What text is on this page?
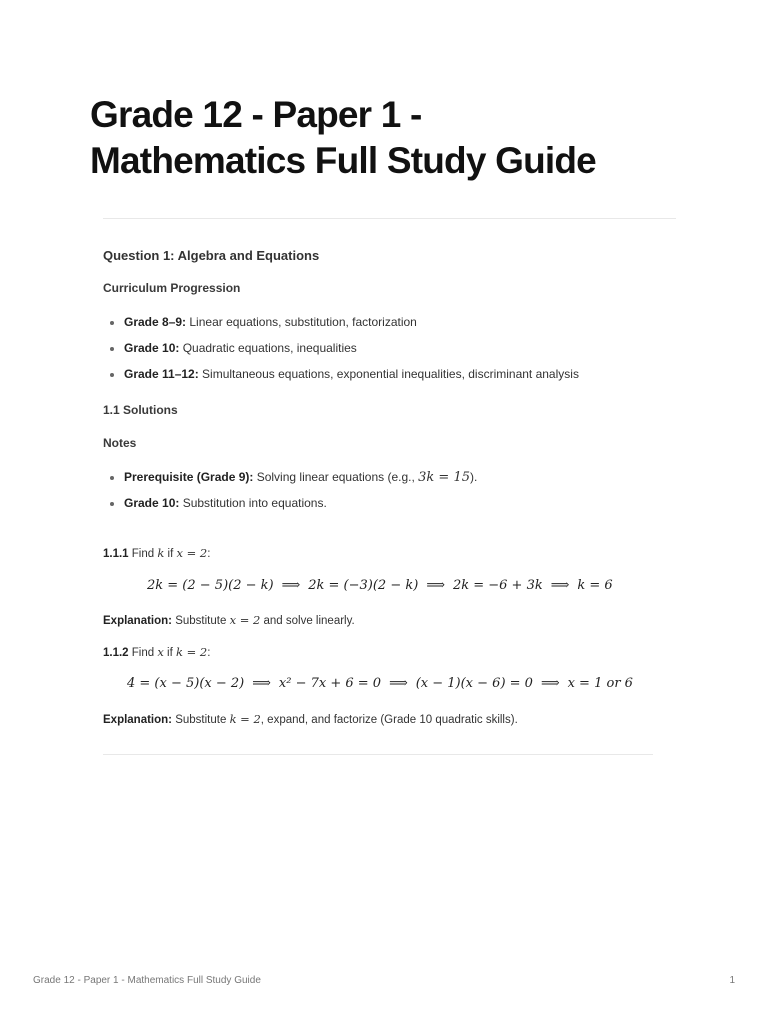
Grade 12 - Paper 1 -
Mathematics Full Study Guide
Question 1: Algebra and Equations
Curriculum Progression
Grade 8–9: Linear equations, substitution, factorization
Grade 10: Quadratic equations, inequalities
Grade 11–12: Simultaneous equations, exponential inequalities, discriminant analysis
1.1 Solutions
Notes
Prerequisite (Grade 9): Solving linear equations (e.g., 3k = 15).
Grade 10: Substitution into equations.
1.1.1 Find k if x = 2:
2k = (2 − 5)(2 − k) ⟹ 2k = (−3)(2 − k) ⟹ 2k = −6 + 3k ⟹ k = 6
Explanation: Substitute x = 2 and solve linearly.
1.1.2 Find x if k = 2:
4 = (x − 5)(x − 2) ⟹ x² − 7x + 6 = 0 ⟹ (x − 1)(x − 6) = 0 ⟹ x = 1 or 6
Explanation: Substitute k = 2, expand, and factorize (Grade 10 quadratic skills).
Grade 12 - Paper 1 - Mathematics Full Study Guide	1
